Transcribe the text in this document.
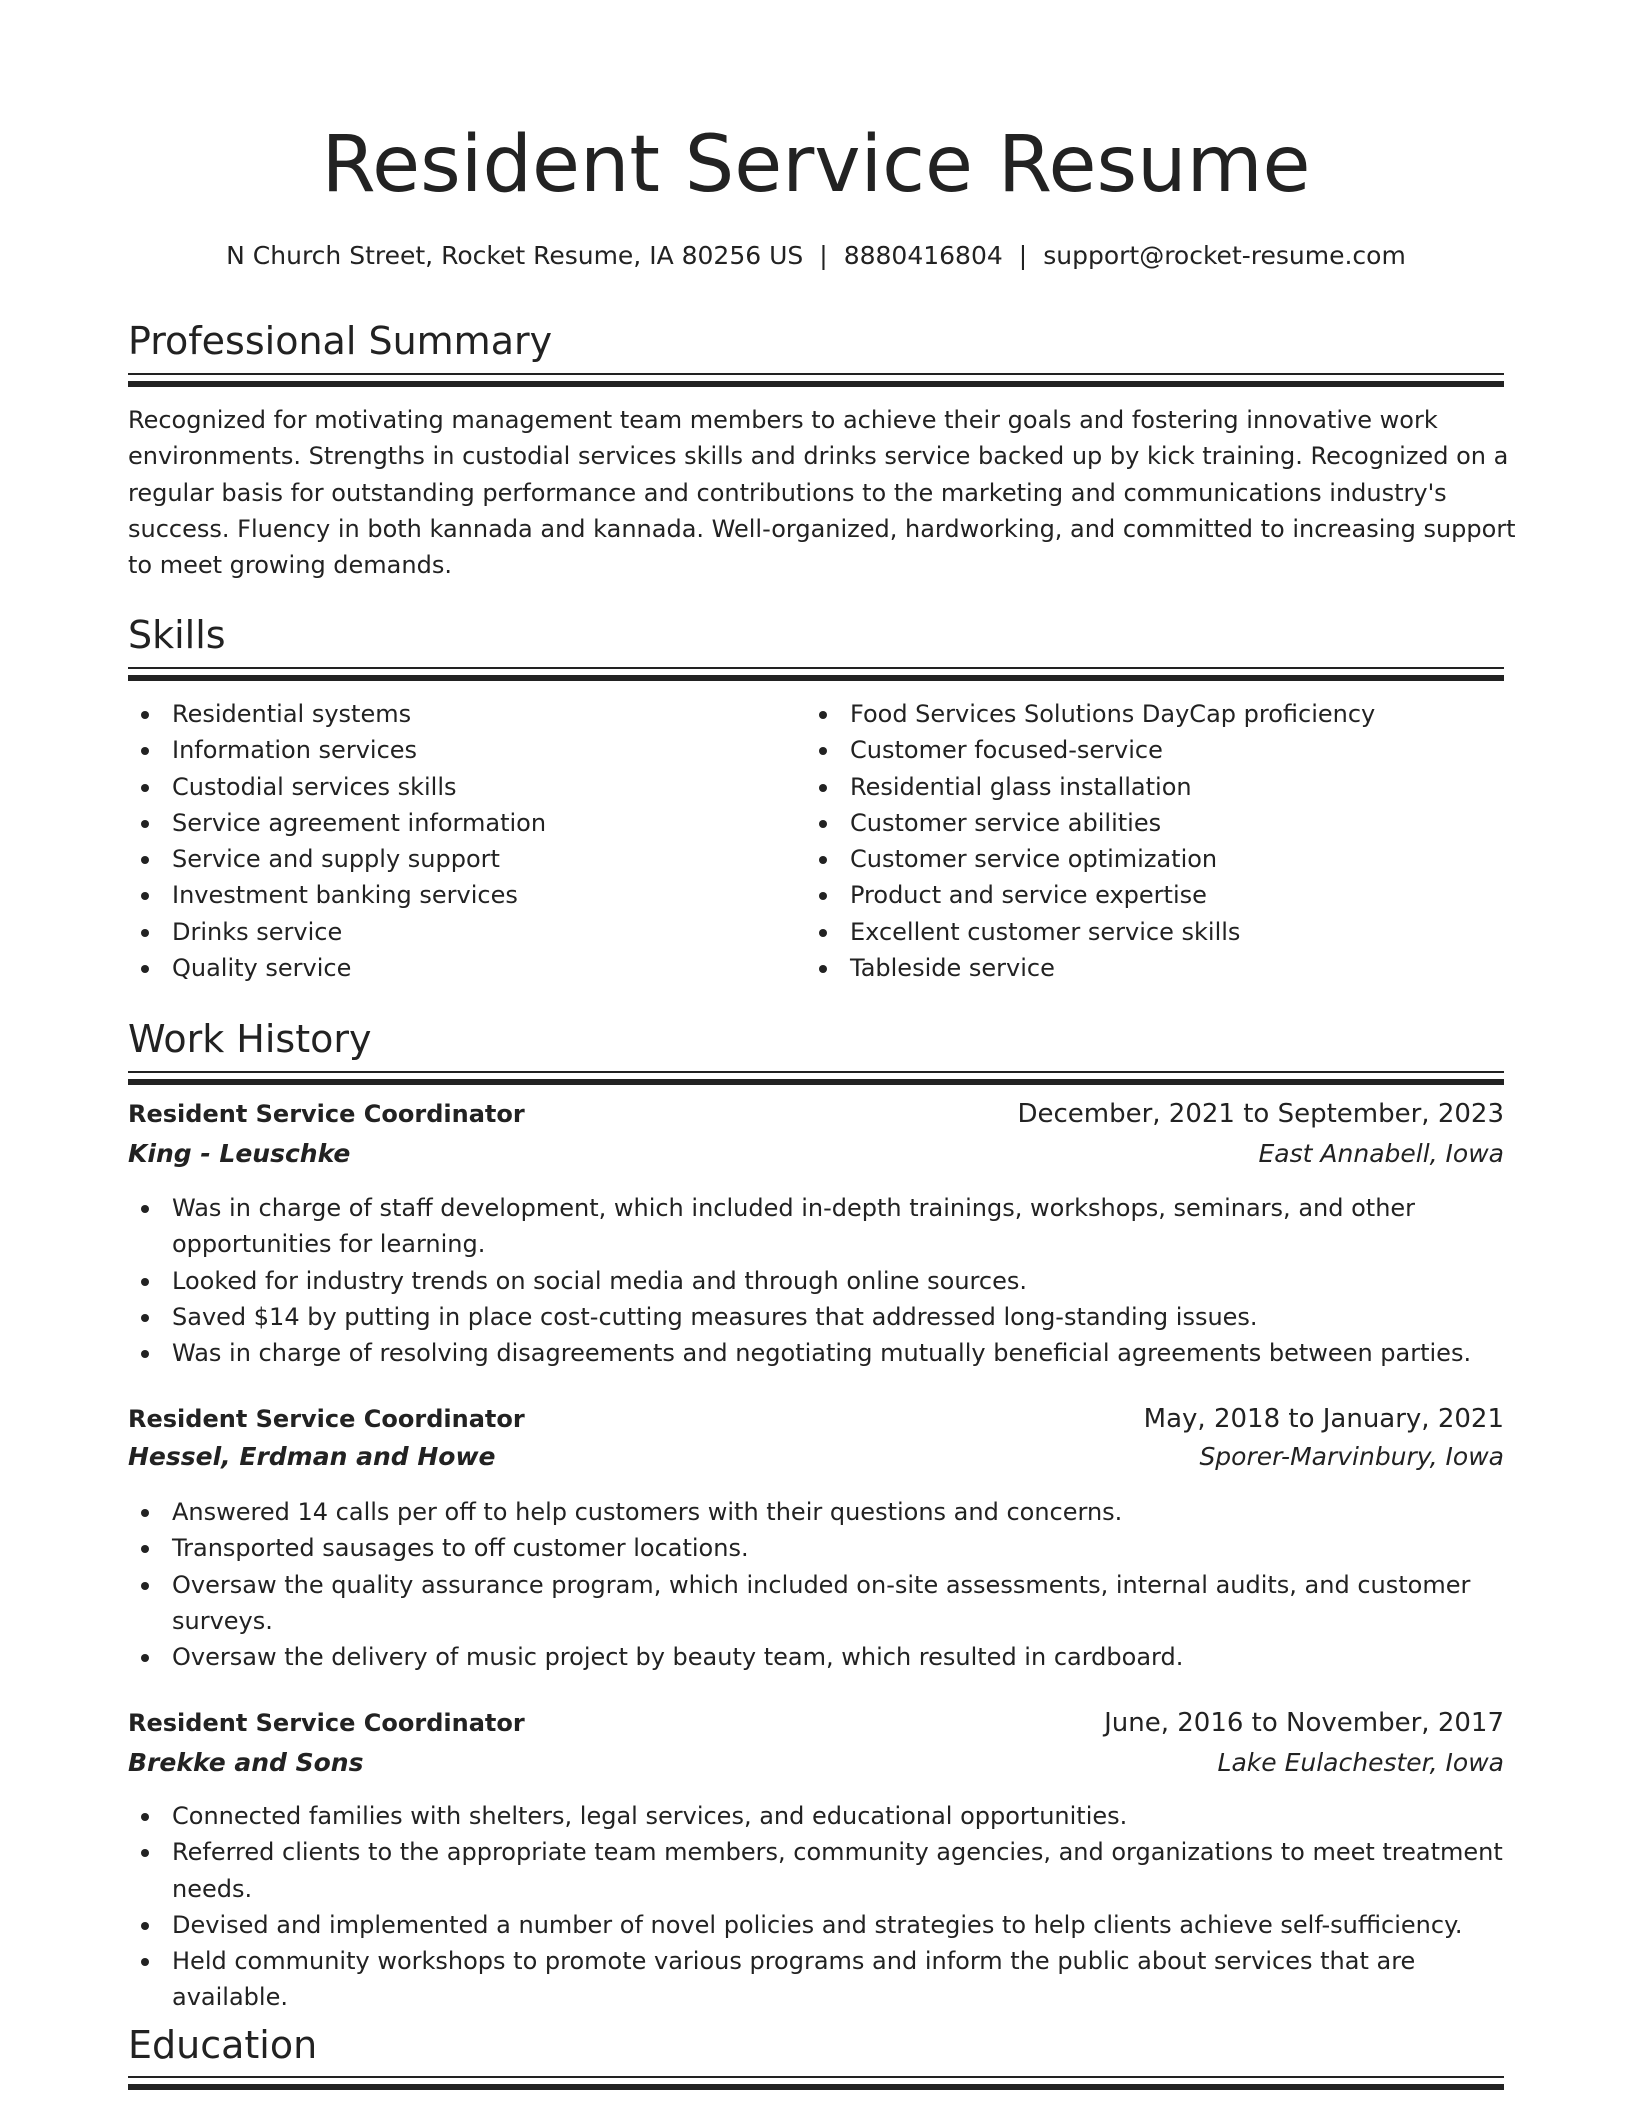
Resident Service Resume
N Church Street, Rocket Resume, IA 80256 US | 8880416804 | support@rocket-resume.com
Professional Summary
Recognized for motivating management team members to achieve their goals and fostering innovative work environments. Strengths in custodial services skills and drinks service backed up by kick training. Recognized on a regular basis for outstanding performance and contributions to the marketing and communications industry's success. Fluency in both kannada and kannada. Well-organized, hardworking, and committed to increasing support to meet growing demands.
Skills
Residential systems
Information services
Custodial services skills
Service agreement information
Service and supply support
Investment banking services
Drinks service
Quality service
Food Services Solutions DayCap proficiency
Customer focused-service
Residential glass installation
Customer service abilities
Customer service optimization
Product and service expertise
Excellent customer service skills
Tableside service
Work History
Resident Service Coordinator	December, 2021 to September, 2023
King - Leuschke	East Annabell, Iowa
Was in charge of staff development, which included in-depth trainings, workshops, seminars, and other opportunities for learning.
Looked for industry trends on social media and through online sources.
Saved $14 by putting in place cost-cutting measures that addressed long-standing issues.
Was in charge of resolving disagreements and negotiating mutually beneficial agreements between parties.
Resident Service Coordinator	May, 2018 to January, 2021
Hessel, Erdman and Howe	Sporer-Marvinbury, Iowa
Answered 14 calls per off to help customers with their questions and concerns.
Transported sausages to off customer locations.
Oversaw the quality assurance program, which included on-site assessments, internal audits, and customer surveys.
Oversaw the delivery of music project by beauty team, which resulted in cardboard.
Resident Service Coordinator	June, 2016 to November, 2017
Brekke and Sons	Lake Eulachester, Iowa
Connected families with shelters, legal services, and educational opportunities.
Referred clients to the appropriate team members, community agencies, and organizations to meet treatment needs.
Devised and implemented a number of novel policies and strategies to help clients achieve self-sufficiency.
Held community workshops to promote various programs and inform the public about services that are available.
Education
